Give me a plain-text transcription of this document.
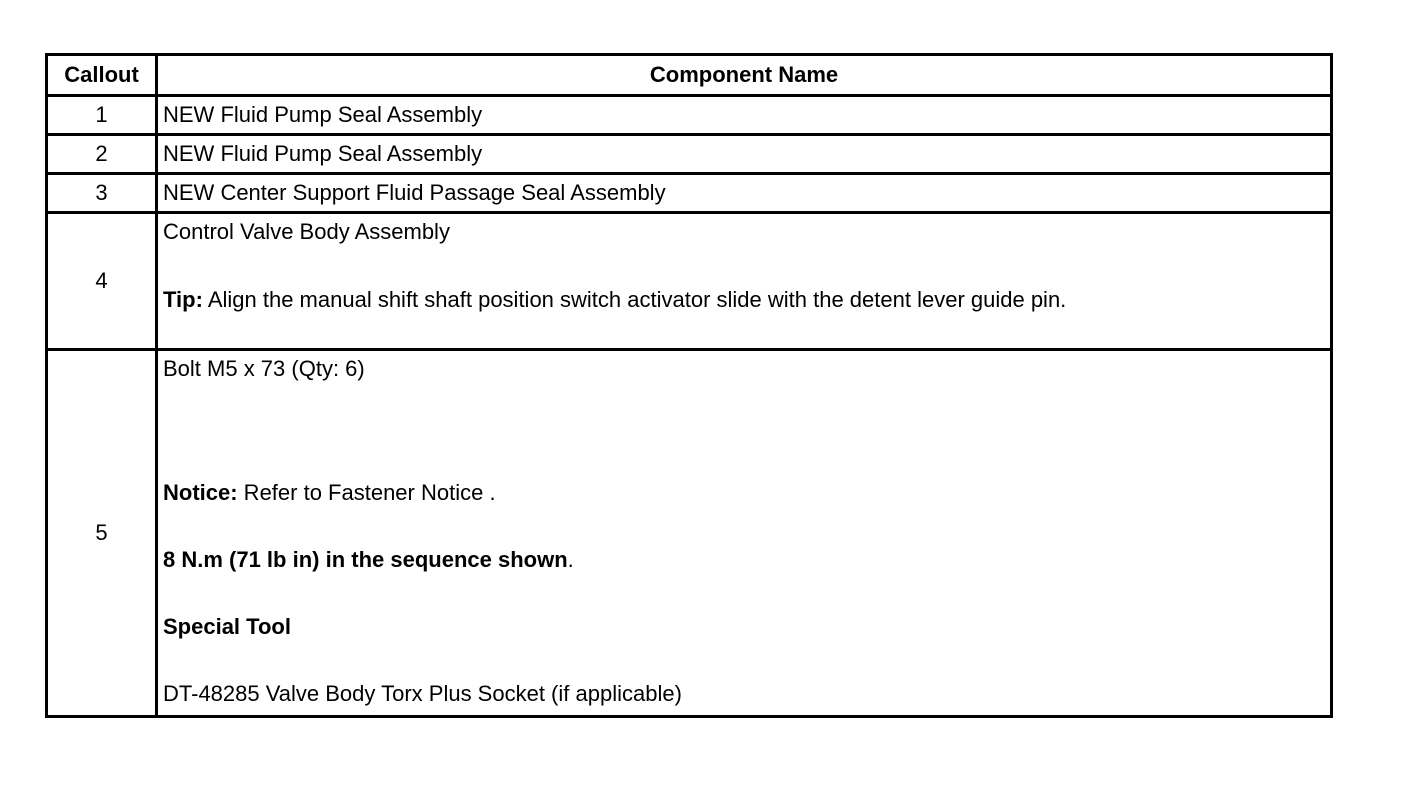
Callout	Component Name
1	NEW Fluid Pump Seal Assembly
2	NEW Fluid Pump Seal Assembly
3	NEW Center Support Fluid Passage Seal Assembly
4	Control Valve Body Assembly
Tip: Align the manual shift shaft position switch activator slide with the detent lever guide pin.

5	Bolt M5 x 73 (Qty: 6)
Notice: Refer to Fastener Notice .
8 N.m (71 lb in) in the sequence shown.
Special Tool
DT-48285 Valve Body Torx Plus Socket (if applicable)
